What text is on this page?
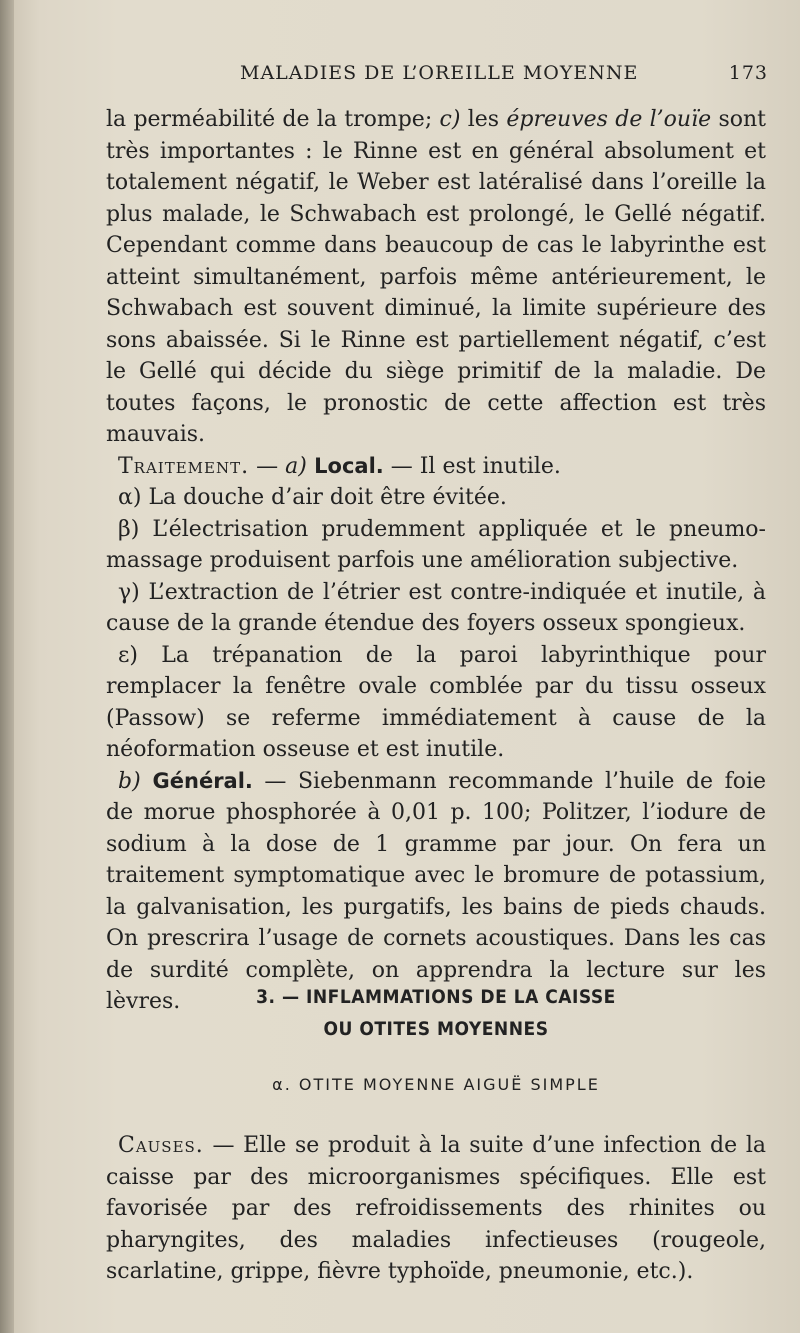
MALADIES DE L’OREILLE MOYENNE	173

la perméabilité de la trompe; c) les épreuves de l’ouïe sont très importantes : le Rinne est en général absolument et totalement négatif, le Weber est latéralisé dans l’oreille la plus malade, le Schwabach est prolongé, le Gellé négatif. Cependant comme dans beaucoup de cas le labyrinthe est atteint simultanément, parfois même antérieurement, le Schwabach est souvent diminué, la limite supérieure des sons abaissée. Si le Rinne est partiellement négatif, c’est le Gellé qui décide du siège primitif de la maladie. De toutes façons, le pronostic de cette affection est très mauvais.

Traitement. — a) Local. — Il est inutile.

α) La douche d’air doit être évitée.

β) L’électrisation prudemment appliquée et le pneumo-massage produisent parfois une amélioration subjective.

γ) L’extraction de l’étrier est contre-indiquée et inutile, à cause de la grande étendue des foyers osseux spongieux.

ε) La trépanation de la paroi labyrinthique pour remplacer la fenêtre ovale comblée par du tissu osseux (Passow) se referme immédiatement à cause de la néoformation osseuse et est inutile.

b) Général. — Siebenmann recommande l’huile de foie de morue phosphorée à 0,01 p. 100; Politzer, l’iodure de sodium à la dose de 1 gramme par jour. On fera un traitement symptomatique avec le bromure de potassium, la galvanisation, les purgatifs, les bains de pieds chauds. On prescrira l’usage de cornets acoustiques. Dans les cas de surdité complète, on apprendra la lecture sur les lèvres.	3. — INFLAMMATIONS DE LA CAISSE
OU OTITES MOYENNES
α. OTITE MOYENNE AIGUË SIMPLE

Causes. — Elle se produit à la suite d’une infection de la caisse par des microorganismes spécifiques. Elle est favorisée par des refroidissements des rhinites ou pharyngites, des maladies infectieuses (rougeole, scarlatine, grippe, fièvre typhoïde, pneumonie, etc.).
